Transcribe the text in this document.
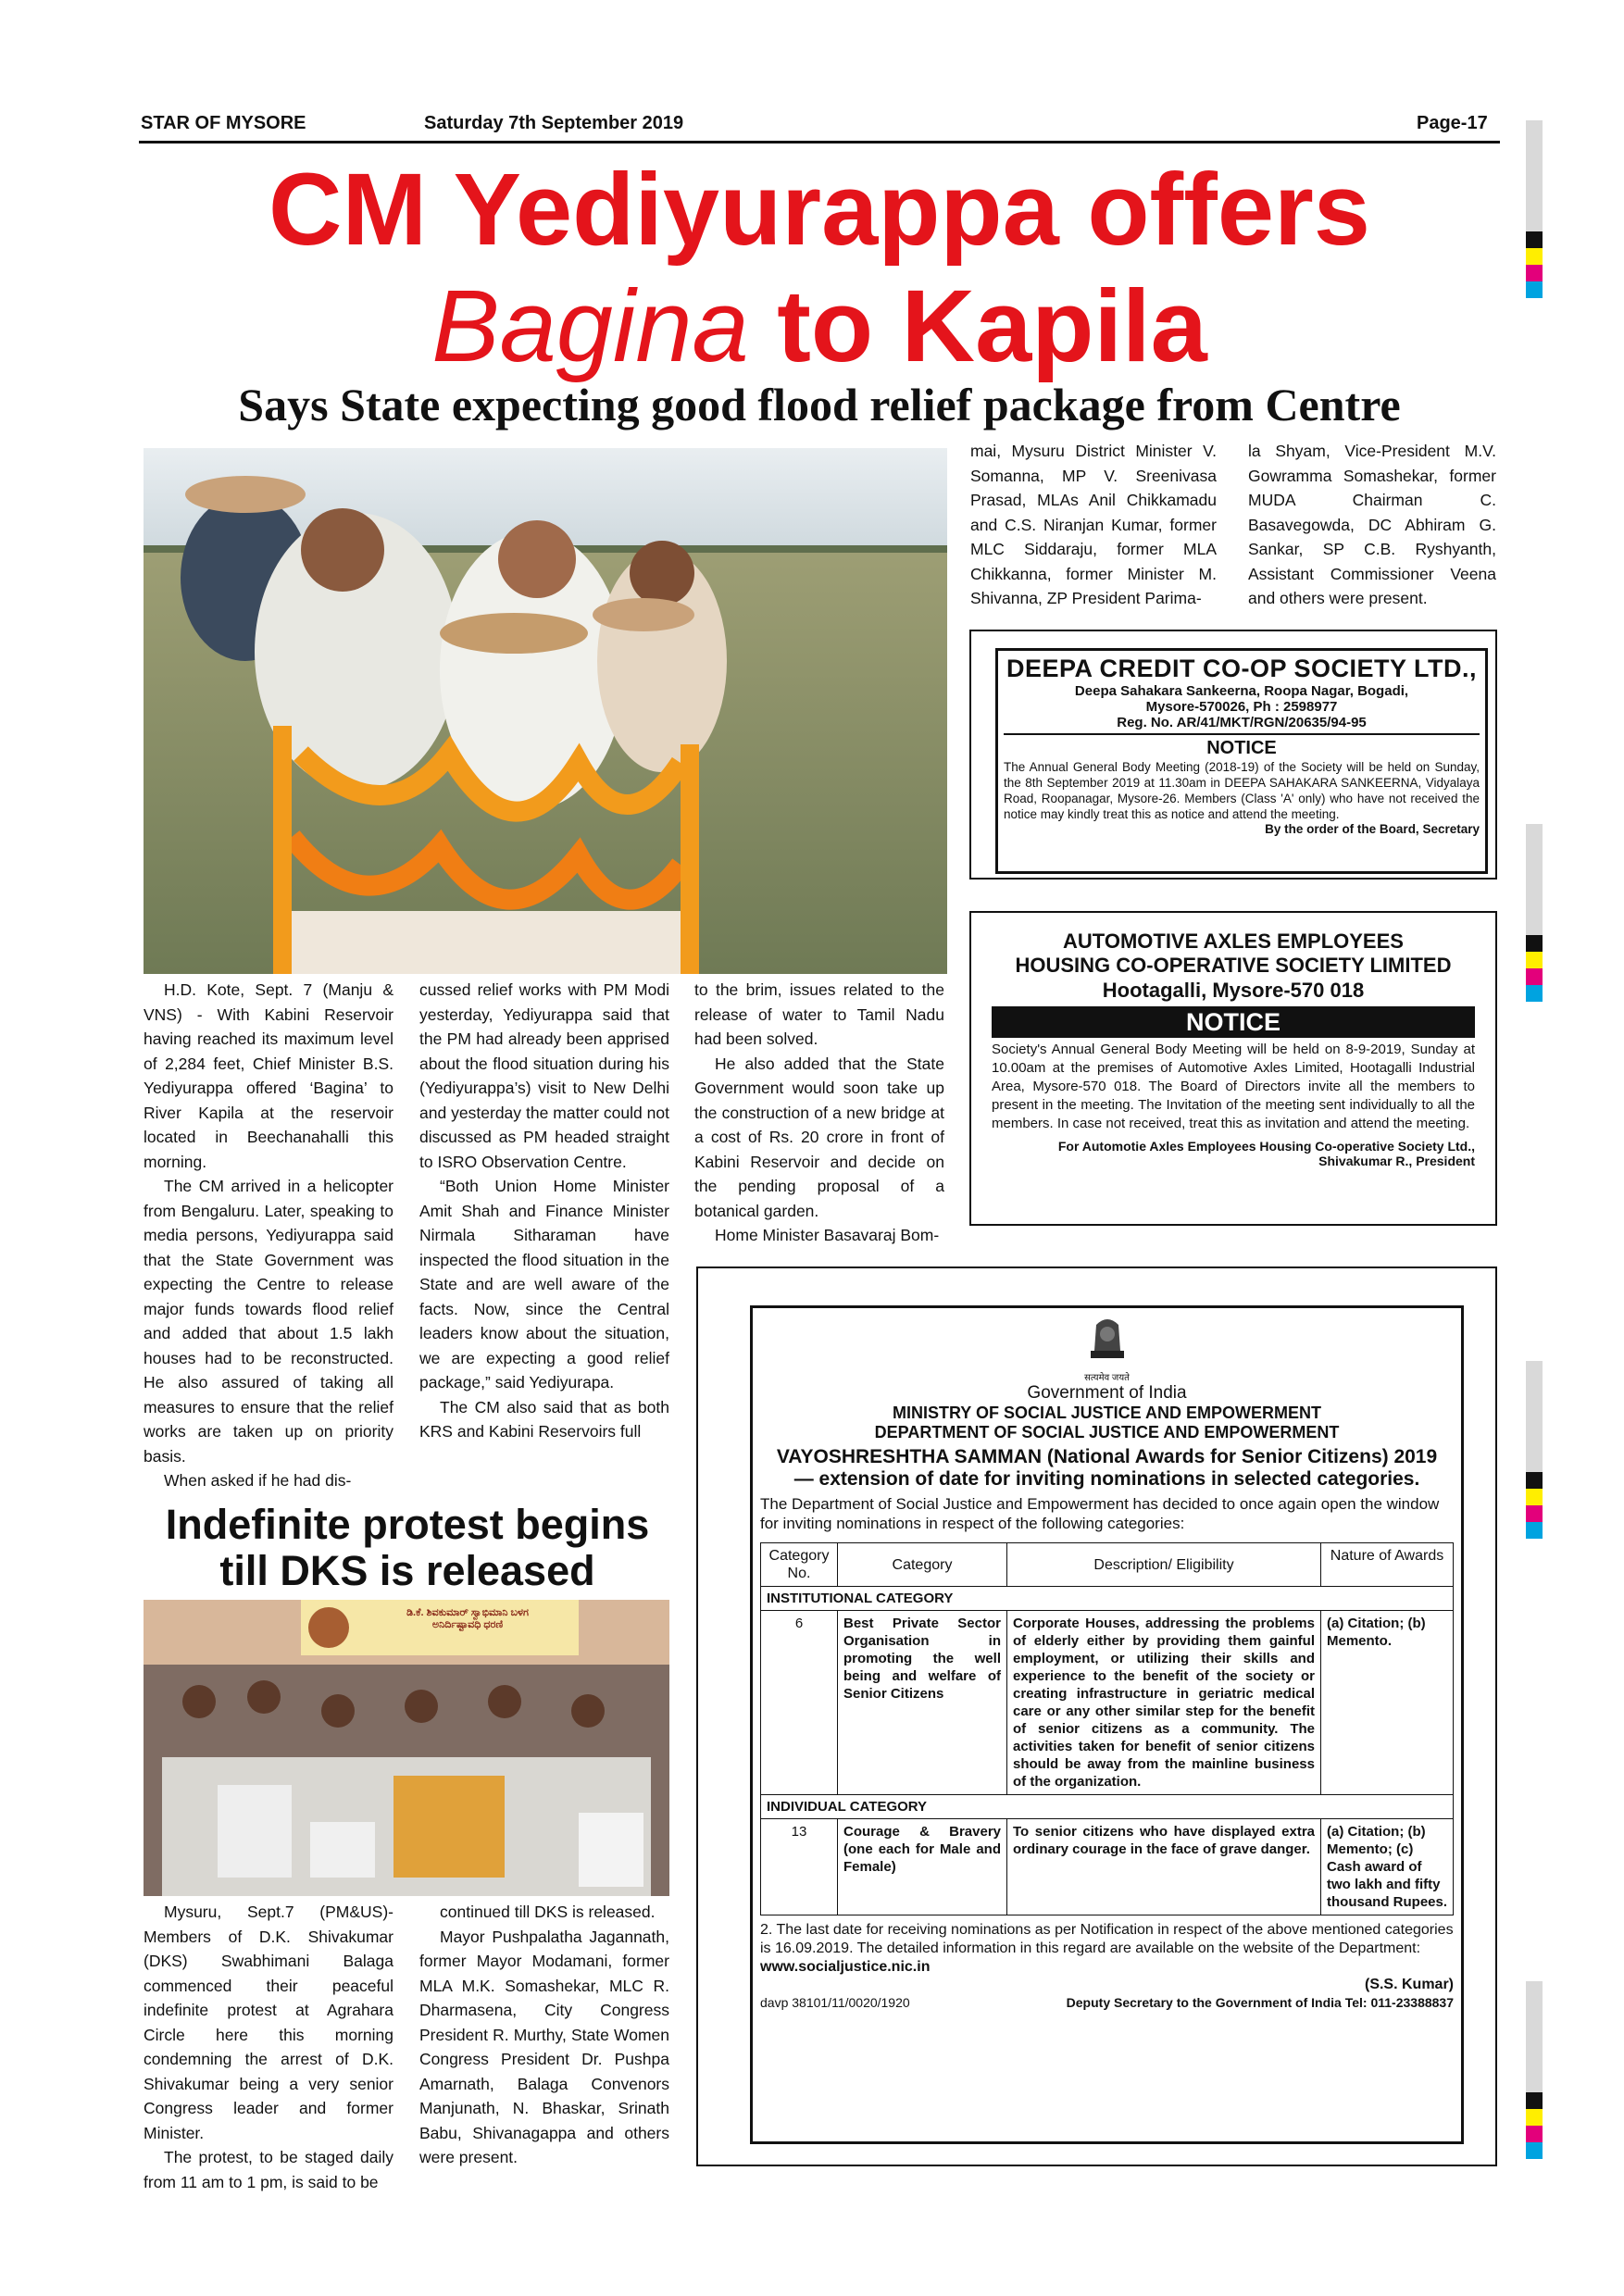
STAR OF MYSORE	Saturday 7th September 2019	Page-17
CM Yediyurappa offers
Bagina to Kapila
Says State expecting good flood relief package from Centre

H.D. Kote, Sept. 7 (Manju & VNS) - With Kabini Reservoir having reached its maximum level of 2,284 feet, Chief Minister B.S. Yediyurappa offered ‘Bagina’ to River Kapila at the reservoir located in Beechanahalli this morning.

The CM arrived in a helicopter from Bengaluru. Later, speaking to media persons, Yediyurappa said that the State Government was expecting the Centre to release major funds towards flood relief and added that about 1.5 lakh houses had to be reconstructed. He also assured of taking all measures to ensure that the relief works are taken up on priority basis.

When asked if he had dis-

cussed relief works with PM Modi yesterday, Yediyurappa said that the PM had already been apprised about the flood situation during his (Yediyurappa’s) visit to New Delhi and yesterday the matter could not discussed as PM headed straight to ISRO Observation Centre.

“Both Union Home Minister Amit Shah and Finance Minister Nirmala Sitharaman have inspected the flood situation in the State and are well aware of the facts. Now, since the Central leaders know about the situation, we are expecting a good relief package,” said Yediyurapa.

The CM also said that as both KRS and Kabini Reservoirs full

to the brim, issues related to the release of water to Tamil Nadu had been solved.

He also added that the State Government would soon take up the construction of a new bridge at a cost of Rs. 20 crore in front of Kabini Reservoir and decide on the pending proposal of a botanical garden.

Home Minister Basavaraj Bom-

mai, Mysuru District Minister V. Somanna, MP V. Sreenivasa Prasad, MLAs Anil Chikkamadu and C.S. Niranjan Kumar, former MLC Siddaraju, former MLA Chikkanna, former Minister M. Shivanna, ZP President Parima-

la Shyam, Vice-President M.V. Gowramma Somashekar, former MUDA Chairman C. Basavegowda, DC Abhiram G. Sankar, SP C.B. Ryshyanth, Assistant Commissioner Veena and others were present.

DEEPA CREDIT CO-OP SOCIETY LTD.,
Deepa Sahakara Sankeerna, Roopa Nagar, Bogadi,
Mysore-570026, Ph : 2598977
Reg. No. AR/41/MKT/RGN/20635/94-95
NOTICE
The Annual General Body Meeting (2018-19) of the Society will be held on Sunday, the 8th September 2019 at 11.30am in DEEPA SAHAKARA SANKEERNA, Vidyalaya Road, Roopanagar, Mysore-26. Members (Class 'A' only) who have not received the notice may kindly treat this as notice and attend the meeting.
By the order of the Board, Secretary
AUTOMOTIVE AXLES EMPLOYEES
HOUSING CO-OPERATIVE SOCIETY LIMITED
Hootagalli, Mysore-570 018
NOTICE
Society's Annual General Body Meeting will be held on 8-9-2019, Sunday at 10.00am at the premises of Automotive Axles Limited, Hootagalli Industrial Area, Mysore-570 018. The Board of Directors invite all the members to present in the meeting. The Invitation of the meeting sent individually to all the members. In case not received, treat this as invitation and attend the meeting.
For Automotie Axles Employees Housing Co-operative Society Ltd.,
Shivakumar R., President
सत्यमेव जयते
Government of India
MINISTRY OF SOCIAL JUSTICE AND EMPOWERMENT
DEPARTMENT OF SOCIAL JUSTICE AND EMPOWERMENT
VAYOSHRESHTHA SAMMAN (National Awards for Senior Citizens) 2019
— extension of date for inviting nominations in selected categories.
The Department of Social Justice and Empowerment has decided to once again open the window for inviting nominations in respect of the following categories:
Category No.	Category	Description/ Eligibility	Nature of Awards
INSTITUTIONAL CATEGORY			
6	Best Private Sector Organisation in promoting the well being and welfare of Senior Citizens	Corporate Houses, addressing the problems of elderly either by providing them gainful employment, or utilizing their skills and experience to the benefit of the society or creating infrastructure in geriatric medical care or any other similar step for the benefit of senior citizens as a community. The activities taken for benefit of senior citizens should be away from the mainline business of the organization.	(a) Citation; (b) Memento.
INDIVIDUAL CATEGORY			
13	Courage & Bravery (one each for Male and Female)	To senior citizens who have displayed extra ordinary courage in the face of grave danger.	(a) Citation; (b) Memento; (c) Cash award of two lakh and fifty thousand Rupees.
2. The last date for receiving nominations as per Notification in respect of the above mentioned categories is 16.09.2019. The detailed information in this regard are available on the website of the Department: www.socialjustice.nic.in
(S.S. Kumar)
davp 38101/11/0020/1920	Deputy Secretary to the Government of India Tel: 011-23388837
Indefinite protest begins
till DKS is released
ಡಿ.ಕೆ. ಶಿವಕುಮಾರ್ ಸ್ವಾಭಿಮಾನಿ ಬಳಗ
ಅನಿರ್ದಿಷ್ಟಾವಧಿ ಧರಣಿ

Mysuru, Sept.7 (PM&US)- Members of D.K. Shivakumar (DKS) Swabhimani Balaga commenced their peaceful indefinite protest at Agrahara Circle here this morning condemning the arrest of D.K. Shivakumar being a very senior Congress leader and former Minister.

The protest, to be staged daily from 11 am to 1 pm, is said to be

continued till DKS is released.

Mayor Pushpalatha Jagannath, former Mayor Modamani, former MLA M.K. Somashekar, MLC R. Dharmasena, City Congress President R. Murthy, State Women Congress President Dr. Pushpa Amarnath, Balaga Convenors Manjunath, N. Bhaskar, Srinath Babu, Shivanagappa and others were present.
